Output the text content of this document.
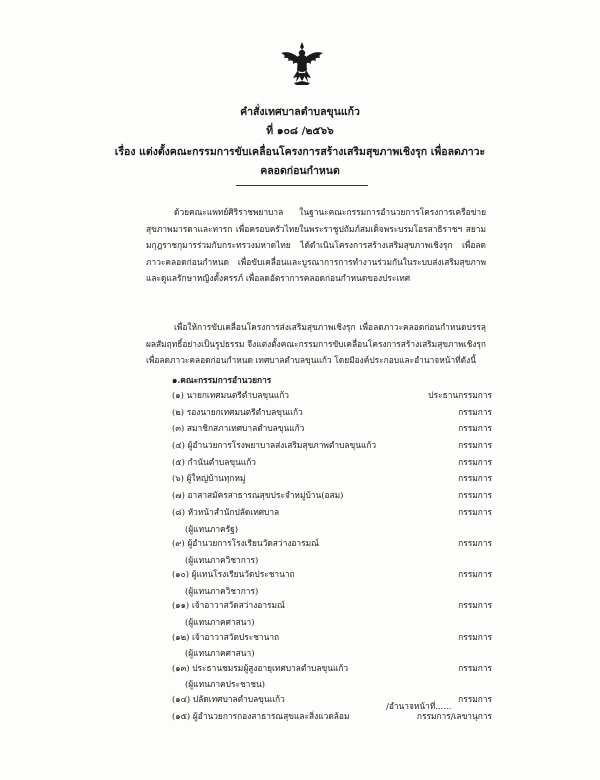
คำสั่งเทศบาลตำบลขุนแก้ว
ที่ ๑๐๘ /๒๕๖๖
เรื่อง แต่งตั้งคณะกรรมการขับเคลื่อนโครงการสร้างเสริมสุขภาพเชิงรุก เพื่อลดภาวะ
คลอดก่อนกำหนด
ด้วยคณะแพทย์ศิริราชพยาบาล ในฐานะคณะกรรมการอำนวยการโครงการเครือข่ายสุขภาพมารดาและทารก เพื่อครอบครัวไทยในพระราชูปถัมภ์สมเด็จพระบรมโอรสาธิราชฯ สยามมกุฎราชกุมารร่วมกับกระทรวงมหาดไทย ได้ดำเนินโครงการสร้างเสริมสุขภาพเชิงรุก เพื่อลดภาวะคลอดก่อนกำหนด เพื่อขับเคลื่อนและบูรณาการการทำงานร่วมกันในระบบส่งเสริมสุขภาพและดูแลรักษาหญิงตั้งครรภ์ เพื่อลดอัตราการคลอดก่อนกำหนดของประเทศ
เพื่อให้การขับเคลื่อนโครงการส่งเสริมสุขภาพเชิงรุก เพื่อลดภาวะคลอดก่อนกำหนดบรรลุผลสัมฤทธิ์อย่างเป็นรูปธรรม จึงแต่งตั้งคณะกรรมการขับเคลื่อนโครงการสร้างเสริมสุขภาพเชิงรุก เพื่อลดภาวะคลอดก่อนกำหนด เทศบาลตำบลขุนแก้ว โดยมีองค์ประกอบและอำนาจหน้าที่ดังนี้
๑.คณะกรรมการอำนวยการ
(๑) นายกเทศมนตรีตำบลขุนแก้ว	ประธานกรรมการ
(๒) รองนายกเทศมนตรีตำบลขุนแก้ว	กรรมการ
(๓) สมาชิกสภาเทศบาลตำบลขุนแก้ว	กรรมการ
(๔) ผู้อำนวยการโรงพยาบาลส่งเสริมสุขภาพตำบลขุนแก้ว	กรรมการ
(๕) กำนันตำบลขุนแก้ว	กรรมการ
(๖) ผู้ใหญ่บ้านทุกหมู่	กรรมการ
(๗) อาสาสมัครสาธารณสุขประจำหมู่บ้าน(อสม)	กรรมการ
(๘) หัวหน้าสำนักปลัดเทศบาล	กรรมการ
(ผู้แทนภาครัฐ)
(๙) ผู้อำนวยการโรงเรียนวัดสว่างอารมณ์	กรรมการ
(ผู้แทนภาควิชาการ)
(๑๐) ผู้แทนโรงเรียนวัดประชานาถ	กรรมการ
(ผู้แทนภาควิชาการ)
(๑๑) เจ้าอาวาสวัดสว่างอารมณ์	กรรมการ
(ผู้แทนภาคศาสนา)
(๑๒) เจ้าอาวาสวัดประชานาถ	กรรมการ
(ผู้แทนภาคศาสนา)
(๑๓) ประธานชมรมผู้สูงอายุเทศบาลตำบลขุนแก้ว	กรรมการ
(ผู้แทนภาคประชาชน)
(๑๔) ปลัดเทศบาลตำบลขุนแก้ว	กรรมการ
(๑๕) ผู้อำนวยการกองสาธารณสุขและสิ่งแวดล้อม	กรรมการ/เลขานุการ
/อำนาจหน้าที่......
